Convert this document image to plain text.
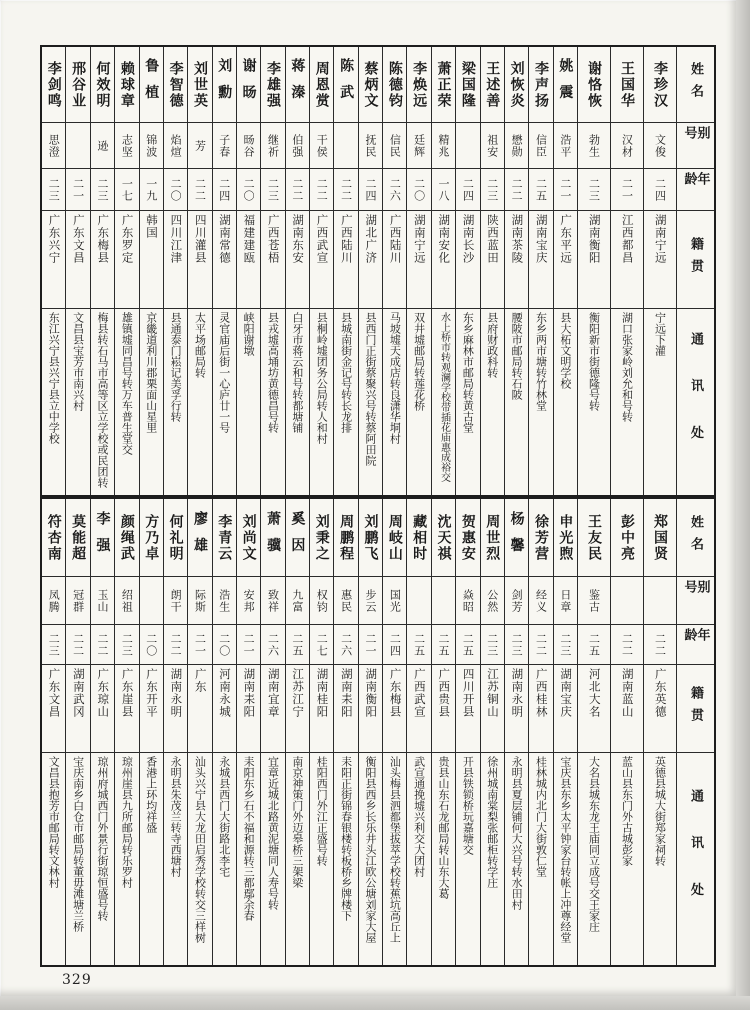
姓名
别号
年龄
籍贯
通讯处
李珍汉
文俊
二四
湖南宁远
宁远下灌
王国华
汉材
二一
江西都昌
湖口张家岭刘允和号转
谢恪恢
勃生
二三
湖南衡阳
衡阳新市街德隆号转
姚震
浩平
二一
广东平远
县大柘文明学校
李声扬
信臣
二五
湖南宝庆
东乡两市塘转竹林堂
刘恢炎
懋勋
二二
湖南茶陵
腰陂市邮局转石陂
王述善
祖安
二三
陕西蓝田
县府财政科转
梁国隆
二四
湖南长沙
东乡麻林市邮局转黄古堂
萧正荣
精兆
一八
湖南安化
水上桥市转观澜学校带插花庙惠成裕交
李焕远
廷辉
二〇
湖南宁远
双井墟邮局转莲花桥
陈德钧
信民
二六
广西陆川
马坡墟天成店转良潇华垌村
蔡炳文
抚民
二四
湖北广济
县西门正街蔡聚兴号转蔡阿田院
陈武
二二
广西陆川
县城南街金记号转长龙排
周恩赏
干侯
二二
广西武宣
县桐岭墟团务公局转人和村
蒋溱
伯强
二二
湖南东安
白牙市蒋云和号转都塘铺
李雄强
继祈
二三
广西苍梧
县戎墟高埇坊黄德昌号转
谢旸
旸谷
二〇
福建建瓯
峡阳谢墩
刘勳
子春
二四
湖南常德
灵官庙后街一心庐廿一号
刘世英
芳
二二
四川灌县
太平场邮局转
李智德
焰煊
二〇
四川江津
县通泰门崧记美孚行转
鲁植
锦波
一九
韩国
京畿道利川郡栗面山星里
赖球章
志坚
一七
广东罗定
雄镇墟同昌号转万车普生堂交
何效明
逊
二三
广东梅县
梅县转石马市高等区立学校或民团转
邢谷业
二一
广东文昌
文昌县宝芳市南兴村
李剑鸣
思澄
二三
广东兴宁
东江兴宁县兴宁县立中学校
姓名
别号
年龄
籍贯
通讯处
郑国贤
二二
广东英德
英德县城大街郑家祠转
彭中亮
二二
湖南蓝山
蓝山县东门外古城彭家
王友民
鉴古
二五
河北大名
大名县城东龙王庙同立成号交王家庄
申光煦
日章
二三
湖南宝庆
宝庆县东乡太平钟家台转帐上冲尊经堂
徐芳营
经义
二二
广西桂林
桂林城内北门大街敦仁堂
杨馨
剑芳
二三
湖南永明
永明县夏层铺何大兴号转水田村
周世烈
公然
二三
江苏铜山
徐州城南棠梨张邮柜转学庄
贺惠安
焱昭
二五
四川开县
开县铁锁桥玩嘉塘交
沈天祺
二五
广西贵县
贵县山东石龙邮局转山东大葛
藏相时
二五
广西武宣
武宣通挽墟兴利交大团村
周岐山
国光
二四
广东梅县
汕头梅县泗都堡拔萃学校转蕉坑高丘上
刘鹏飞
步云
二一
湖南衡阳
衡阳县西乡长乐井头江欧公塘刘家大屋
周鹏程
惠民
二六
湖南耒阳
耒阳正街锦春银楼转板桥乡牌楼下
刘秉之
权钧
二七
湖南桂阳
桂阳西门外江正盛号转
奚因
九富
二五
江苏江宁
南京神策门外迈皋桥三架梁
萧骥
致祥
二六
湖南宜章
宜章近城北路黄泥塘同人寿号转
刘尚文
安邦
二一
湖南耒阳
耒阳东乡石不福和源转三都鄢余春
李青云
浩生
二〇
河南永城
永城县西门大街路北李宅
廖雄
际斯
二一
广东
汕头兴宁县大龙田启秀学校转交三样树
何礼明
朗干
二二
湖南永明
永明县朱茂兰转寺西塘村
方乃卓
二〇
广东开平
香港上环均祥盛
颜绳武
绍祖
二三
广东崖县
琼州崖县九所邮局转乐罗村
李强
玉山
二二
广东琼山
琼州府城西门外景行街琼恒盛号转
莫能超
冠群
二二
湖南武冈
宝庆南乡白仓市邮局转董毋滩塘兰桥
符杏南
凤腾
二三
广东文昌
文昌县抱芳市邮局转文林村
329
